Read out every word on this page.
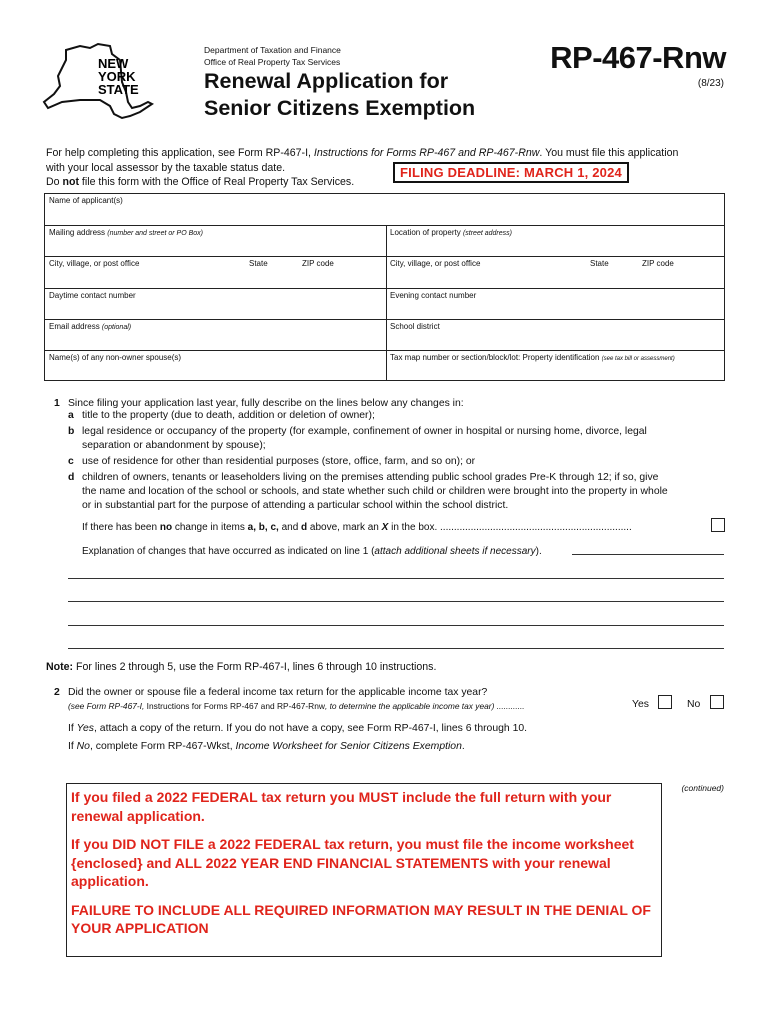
NEW
YORK
STATE
Department of Taxation and Finance
Office of Real Property Tax Services
Renewal Application for
Senior Citizens Exemption
RP-467-Rnw
(8/23)
For help completing this application, see Form RP-467-I, Instructions for Forms RP-467 and RP-467-Rnw. You must file this application
with your local assessor by the taxable status date.
Do not file this form with the Office of Real Property Tax Services.
FILING DEADLINE: MARCH 1, 2024
Name of applicant(s)
Mailing address (number and street or PO Box)	Location of property (street address)
City, village, or post office	State	ZIP code	City, village, or post office	State	ZIP code
Daytime contact number	Evening contact number
Email address (optional)	School district
Name(s) of any non-owner spouse(s)	Tax map number or section/block/lot: Property identification (see tax bill or assessment)
1 Since filing your application last year, fully describe on the lines below any changes in:
a title to the property (due to death, addition or deletion of owner);
b legal residence or occupancy of the property (for example, confinement of owner in hospital or nursing home, divorce, legal
separation or abandonment by spouse);
c use of residence for other than residential purposes (store, office, farm, and so on); or
d children of owners, tenants or leaseholders living on the premises attending public school grades Pre-K through 12; if so, give
the name and location of the school or schools, and state whether such child or children were brought into the property in whole
or in substantial part for the purpose of attending a particular school within the school district.
If there has been no change in items a, b, c, and d above, mark an X in the box. .....................................................................
Explanation of changes that have occurred as indicated on line 1 (attach additional sheets if necessary).
Note: For lines 2 through 5, use the Form RP-467-I, lines 6 through 10 instructions.
2 Did the owner or spouse file a federal income tax return for the applicable income tax year?
(see Form RP-467-I, Instructions for Forms RP-467 and RP-467-Rnw, to determine the applicable income tax year) ............	Yes	No
If Yes, attach a copy of the return. If you do not have a copy, see Form RP-467-I, lines 6 through 10.
If No, complete Form RP-467-Wkst, Income Worksheet for Senior Citizens Exemption.
(continued)

If you filed a 2022 FEDERAL tax return you MUST include the full return with your renewal application.

If you DID NOT FILE a 2022 FEDERAL tax return, you must file the income worksheet {enclosed} and ALL 2022 YEAR END FINANCIAL STATEMENTS with your renewal application.

FAILURE TO INCLUDE ALL REQUIRED INFORMATION MAY RESULT IN THE DENIAL OF YOUR APPLICATION
